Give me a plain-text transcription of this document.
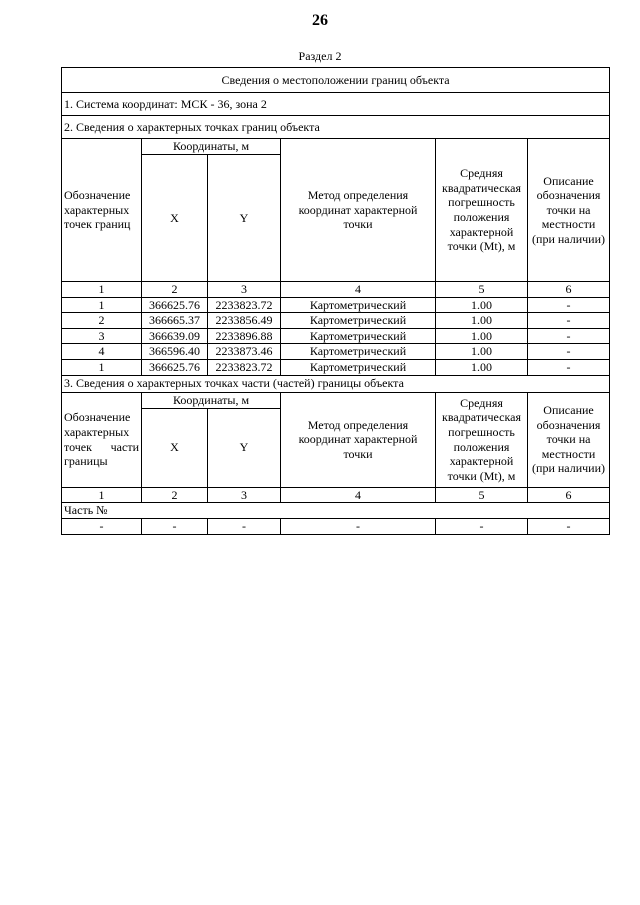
26
Раздел 2
Сведения о местоположении границ объекта					
1. Система координат: МСК - 36, зона 2					
2. Сведения о характерных точках границ объекта					
Обозначение характерных точек границ	Координаты, м		Метод определения координат характерной точки	Средняя квадратическая погрешность положения характерной точки (Mt), м	Описание обозначения точки на местности (при наличии)
	X	Y			
1	2	3	4	5	6
1	366625.76	2233823.72	Картометрический	1.00	-
2	366665.37	2233856.49	Картометрический	1.00	-
3	366639.09	2233896.88	Картометрический	1.00	-
4	366596.40	2233873.46	Картометрический	1.00	-
1	366625.76	2233823.72	Картометрический	1.00	-
3. Сведения о характерных точках части (частей) границы объекта					

Обозначение характерных точек части границы	Координаты, м		Метод определения координат характерной точки	Средняя квадратическая погрешность положения характерной точки (Mt), м	Описание обозначения точки на местности (при наличии)
	X	Y			
1	2	3	4	5	6
Часть №					
-	-	-	-	-	-
